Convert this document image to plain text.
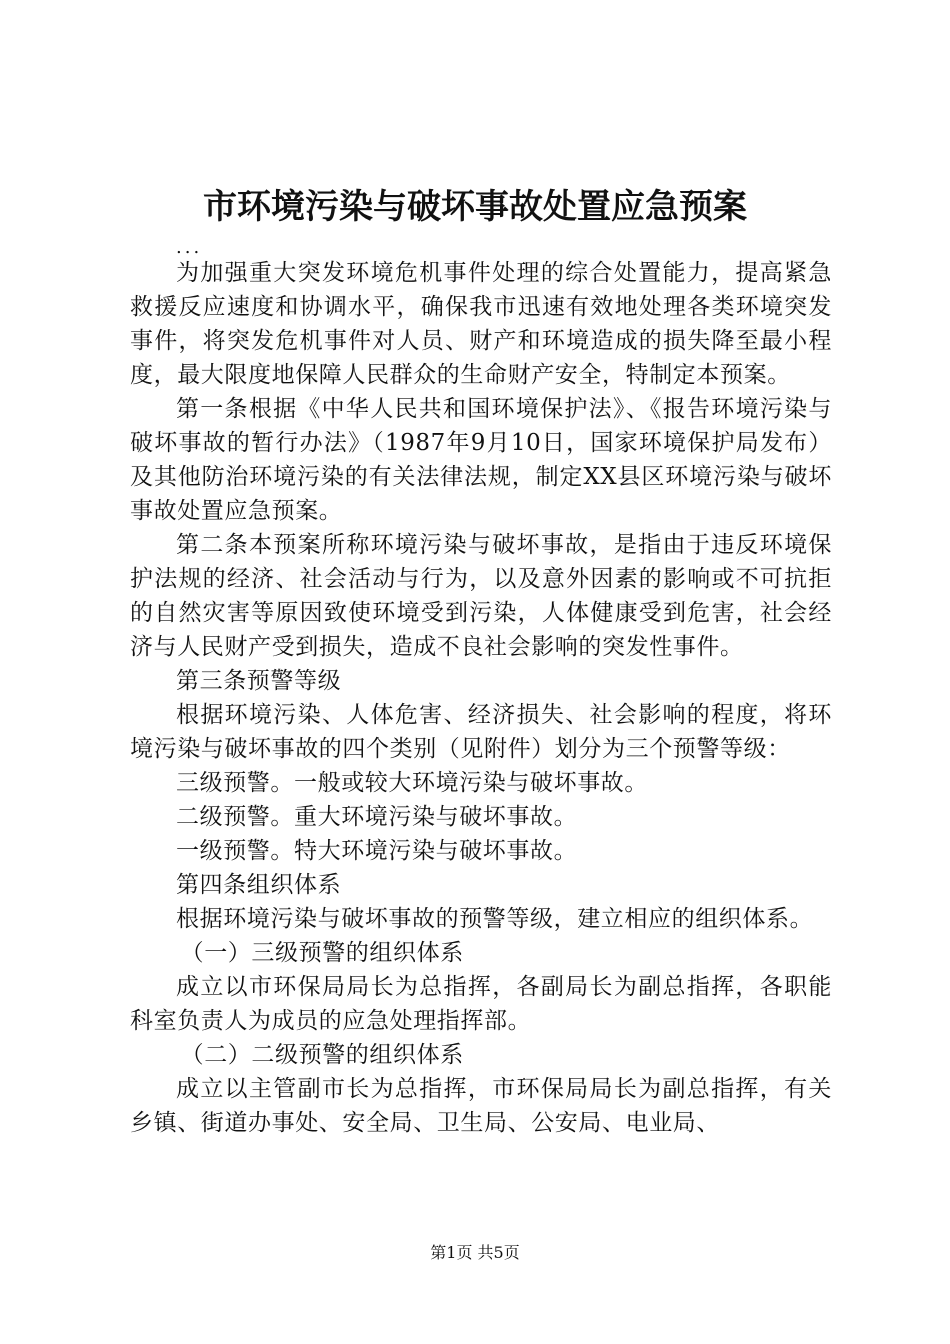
市环境污染与破坏事故处置应急预案
...

为加强重大突发环境危机事件处理的综合处置能力，提高紧急救援反应速度和协调水平，确保我市迅速有效地处理各类环境突发事件，将突发危机事件对人员、财产和环境造成的损失降至最小程度，最大限度地保障人民群众的生命财产安全，特制定本预案。

第一条根据《中华人民共和国环境保护法》、《报告环境污染与破坏事故的暂行办法》（1987年9月10日，国家环境保护局发布）及其他防治环境污染的有关法律法规，制定XX县区环境污染与破坏事故处置应急预案。

第二条本预案所称环境污染与破坏事故，是指由于违反环境保护法规的经济、社会活动与行为，以及意外因素的影响或不可抗拒的自然灾害等原因致使环境受到污染，人体健康受到危害，社会经济与人民财产受到损失，造成不良社会影响的突发性事件。

第三条预警等级

根据环境污染、人体危害、经济损失、社会影响的程度，将环境污染与破坏事故的四个类别（见附件）划分为三个预警等级：

三级预警。一般或较大环境污染与破坏事故。

二级预警。重大环境污染与破坏事故。

一级预警。特大环境污染与破坏事故。

第四条组织体系

根据环境污染与破坏事故的预警等级，建立相应的组织体系。

（一）三级预警的组织体系

成立以市环保局局长为总指挥，各副局长为副总指挥，各职能科室负责人为成员的应急处理指挥部。

（二）二级预警的组织体系

成立以主管副市长为总指挥，市环保局局长为副总指挥，有关乡镇、街道办事处、安全局、卫生局、公安局、电业局、

第1页 共5页
